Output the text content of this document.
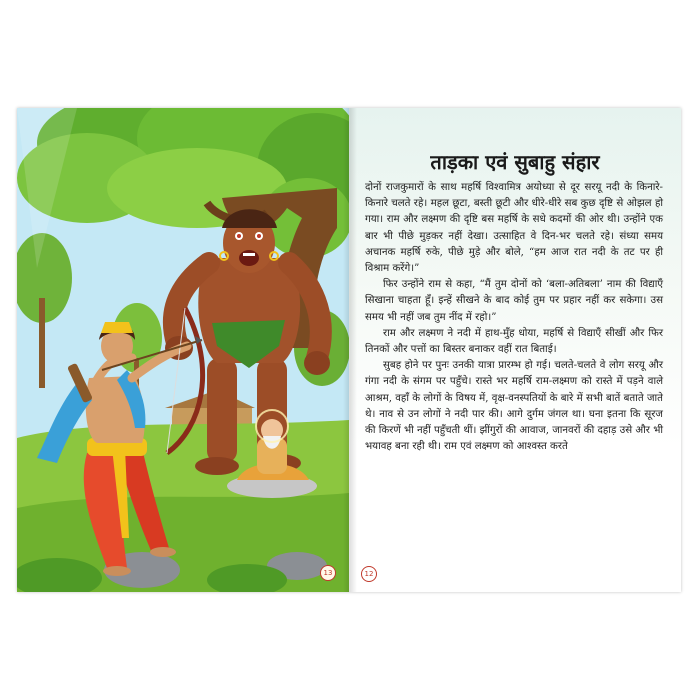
13
ताड़का एवं सुबाहु संहार

दोनों राजकुमारों के साथ महर्षि विश्वामित्र अयोध्या से दूर सरयू नदी के किनारे-किनारे चलते रहे। महल छूटा, बस्ती छूटी और धीरे-धीरे सब कुछ दृष्टि से ओझल हो गया। राम और लक्ष्मण की दृष्टि बस महर्षि के सधे कदमों की ओर थी। उन्होंने एक बार भी पीछे मुड़कर नहीं देखा। उत्साहित वे दिन-भर चलते रहे। संध्या समय अचानक महर्षि रुके, पीछे मुड़े और बोले, “हम आज रात नदी के तट पर ही विश्राम करेंगे।”

फिर उन्होंने राम से कहा, “मैं तुम दोनों को ‘बला-अतिबला’ नाम की विद्याएँ सिखाना चाहता हूँ। इन्हें सीखने के बाद कोई तुम पर प्रहार नहीं कर सकेगा। उस समय भी नहीं जब तुम नींद में रहो।”

राम और लक्ष्मण ने नदी में हाथ-मुँह धोया, महर्षि से विद्याएँ सीखीं और फिर तिनकों और पत्तों का बिस्तर बनाकर वहीं रात बिताई।

सुबह होने पर पुनः उनकी यात्रा प्रारम्भ हो गई। चलते-चलते वे लोग सरयू और गंगा नदी के संगम पर पहुँचे। रास्ते भर महर्षि राम-लक्ष्मण को रास्ते में पड़ने वाले आश्रम, वहाँ के लोगों के विषय में, वृक्ष-वनस्पतियों के बारे में सभी बातें बताते जाते थे। नाव से उन लोगों ने नदी पार की। आगे दुर्गम जंगल था। घना इतना कि सूरज की किरणें भी नहीं पहुँचती थीं। झींगुरों की आवाज, जानवरों की दहाड़ उसे और भी भयावह बना रही थी। राम एवं लक्ष्मण को आश्वस्त करते

12
